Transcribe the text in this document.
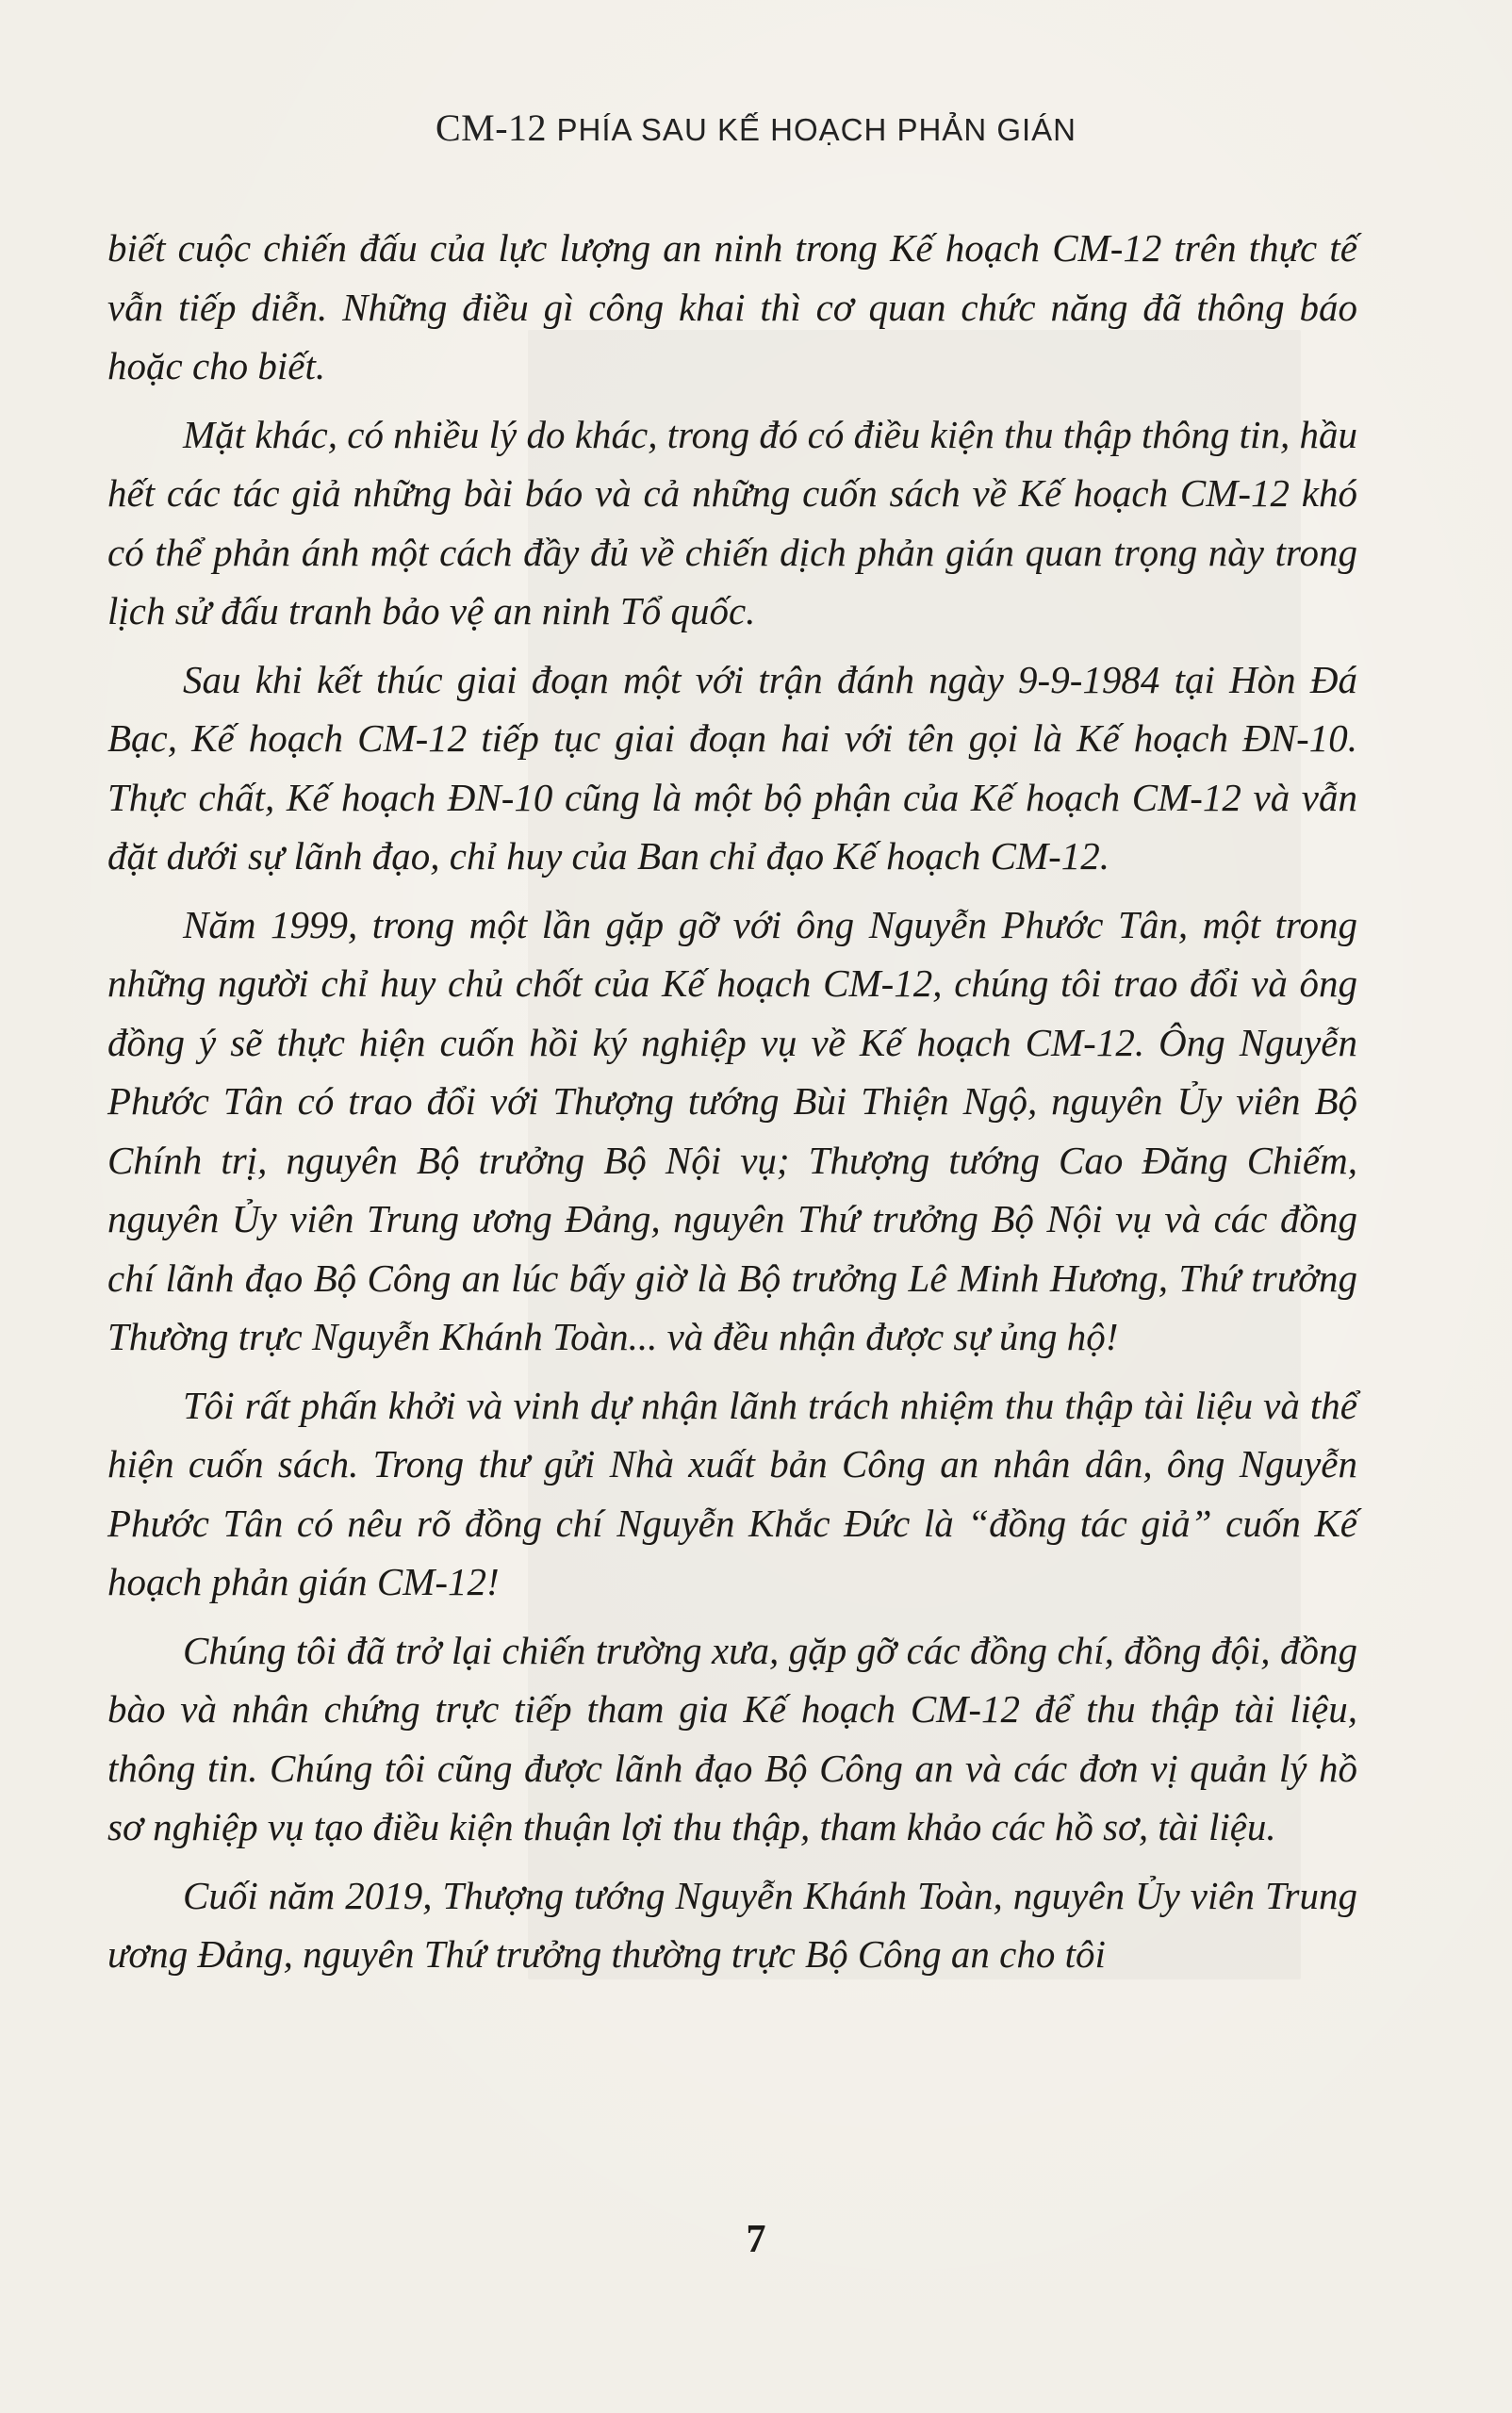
CM-12 PHÍA SAU KẾ HOẠCH PHẢN GIÁN

biết cuộc chiến đấu của lực lượng an ninh trong Kế hoạch CM-12 trên thực tế vẫn tiếp diễn. Những điều gì công khai thì cơ quan chức năng đã thông báo hoặc cho biết.

Mặt khác, có nhiều lý do khác, trong đó có điều kiện thu thập thông tin, hầu hết các tác giả những bài báo và cả những cuốn sách về Kế hoạch CM-12 khó có thể phản ánh một cách đầy đủ về chiến dịch phản gián quan trọng này trong lịch sử đấu tranh bảo vệ an ninh Tổ quốc.

Sau khi kết thúc giai đoạn một với trận đánh ngày 9-9-1984 tại Hòn Đá Bạc, Kế hoạch CM-12 tiếp tục giai đoạn hai với tên gọi là Kế hoạch ĐN-10. Thực chất, Kế hoạch ĐN-10 cũng là một bộ phận của Kế hoạch CM-12 và vẫn đặt dưới sự lãnh đạo, chỉ huy của Ban chỉ đạo Kế hoạch CM-12.

Năm 1999, trong một lần gặp gỡ với ông Nguyễn Phước Tân, một trong những người chỉ huy chủ chốt của Kế hoạch CM-12, chúng tôi trao đổi và ông đồng ý sẽ thực hiện cuốn hồi ký nghiệp vụ về Kế hoạch CM-12. Ông Nguyễn Phước Tân có trao đổi với Thượng tướng Bùi Thiện Ngộ, nguyên Ủy viên Bộ Chính trị, nguyên Bộ trưởng Bộ Nội vụ; Thượng tướng Cao Đăng Chiếm, nguyên Ủy viên Trung ương Đảng, nguyên Thứ trưởng Bộ Nội vụ và các đồng chí lãnh đạo Bộ Công an lúc bấy giờ là Bộ trưởng Lê Minh Hương, Thứ trưởng Thường trực Nguyễn Khánh Toàn... và đều nhận được sự ủng hộ!

Tôi rất phấn khởi và vinh dự nhận lãnh trách nhiệm thu thập tài liệu và thể hiện cuốn sách. Trong thư gửi Nhà xuất bản Công an nhân dân, ông Nguyễn Phước Tân có nêu rõ đồng chí Nguyễn Khắc Đức là “đồng tác giả” cuốn Kế hoạch phản gián CM-12!

Chúng tôi đã trở lại chiến trường xưa, gặp gỡ các đồng chí, đồng đội, đồng bào và nhân chứng trực tiếp tham gia Kế hoạch CM-12 để thu thập tài liệu, thông tin. Chúng tôi cũng được lãnh đạo Bộ Công an và các đơn vị quản lý hồ sơ nghiệp vụ tạo điều kiện thuận lợi thu thập, tham khảo các hồ sơ, tài liệu.

Cuối năm 2019, Thượng tướng Nguyễn Khánh Toàn, nguyên Ủy viên Trung ương Đảng, nguyên Thứ trưởng thường trực Bộ Công an cho tôi

7
